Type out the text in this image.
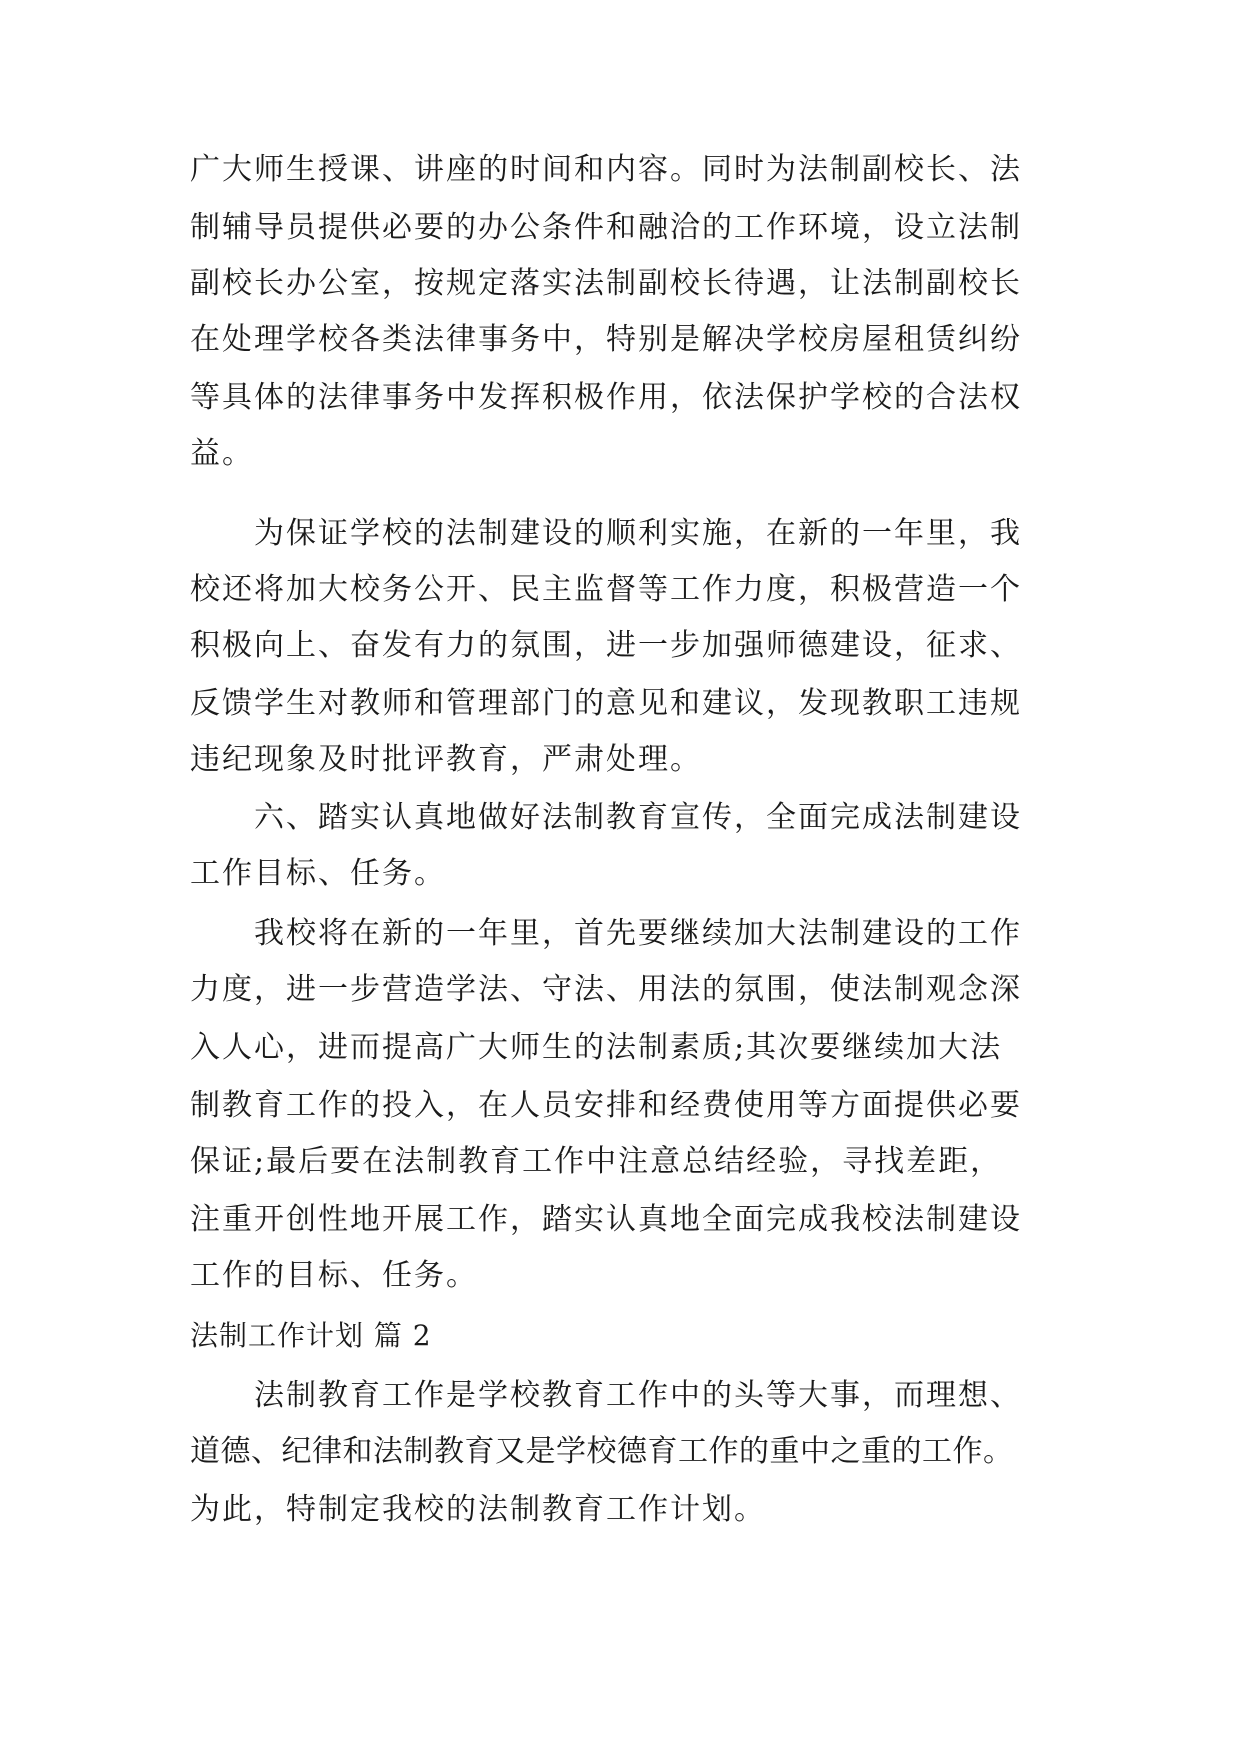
广大师生授课、讲座的时间和内容。同时为法制副校长、法
制辅导员提供必要的办公条件和融洽的工作环境，设立法制
副校长办公室，按规定落实法制副校长待遇，让法制副校长
在处理学校各类法律事务中，特别是解决学校房屋租赁纠纷
等具体的法律事务中发挥积极作用，依法保护学校的合法权
益。
为保证学校的法制建设的顺利实施，在新的一年里，我
校还将加大校务公开、民主监督等工作力度，积极营造一个
积极向上、奋发有力的氛围，进一步加强师德建设，征求、
反馈学生对教师和管理部门的意见和建议，发现教职工违规
违纪现象及时批评教育，严肃处理。
六、踏实认真地做好法制教育宣传，全面完成法制建设
工作目标、任务。
我校将在新的一年里，首先要继续加大法制建设的工作
力度，进一步营造学法、守法、用法的氛围，使法制观念深
入人心，进而提高广大师生的法制素质;其次要继续加大法
制教育工作的投入，在人员安排和经费使用等方面提供必要
保证;最后要在法制教育工作中注意总结经验，寻找差距，
注重开创性地开展工作，踏实认真地全面完成我校法制建设
工作的目标、任务。
法制工作计划 篇 2
法制教育工作是学校教育工作中的头等大事，而理想、
道德、纪律和法制教育又是学校德育工作的重中之重的工作。
为此，特制定我校的法制教育工作计划。
